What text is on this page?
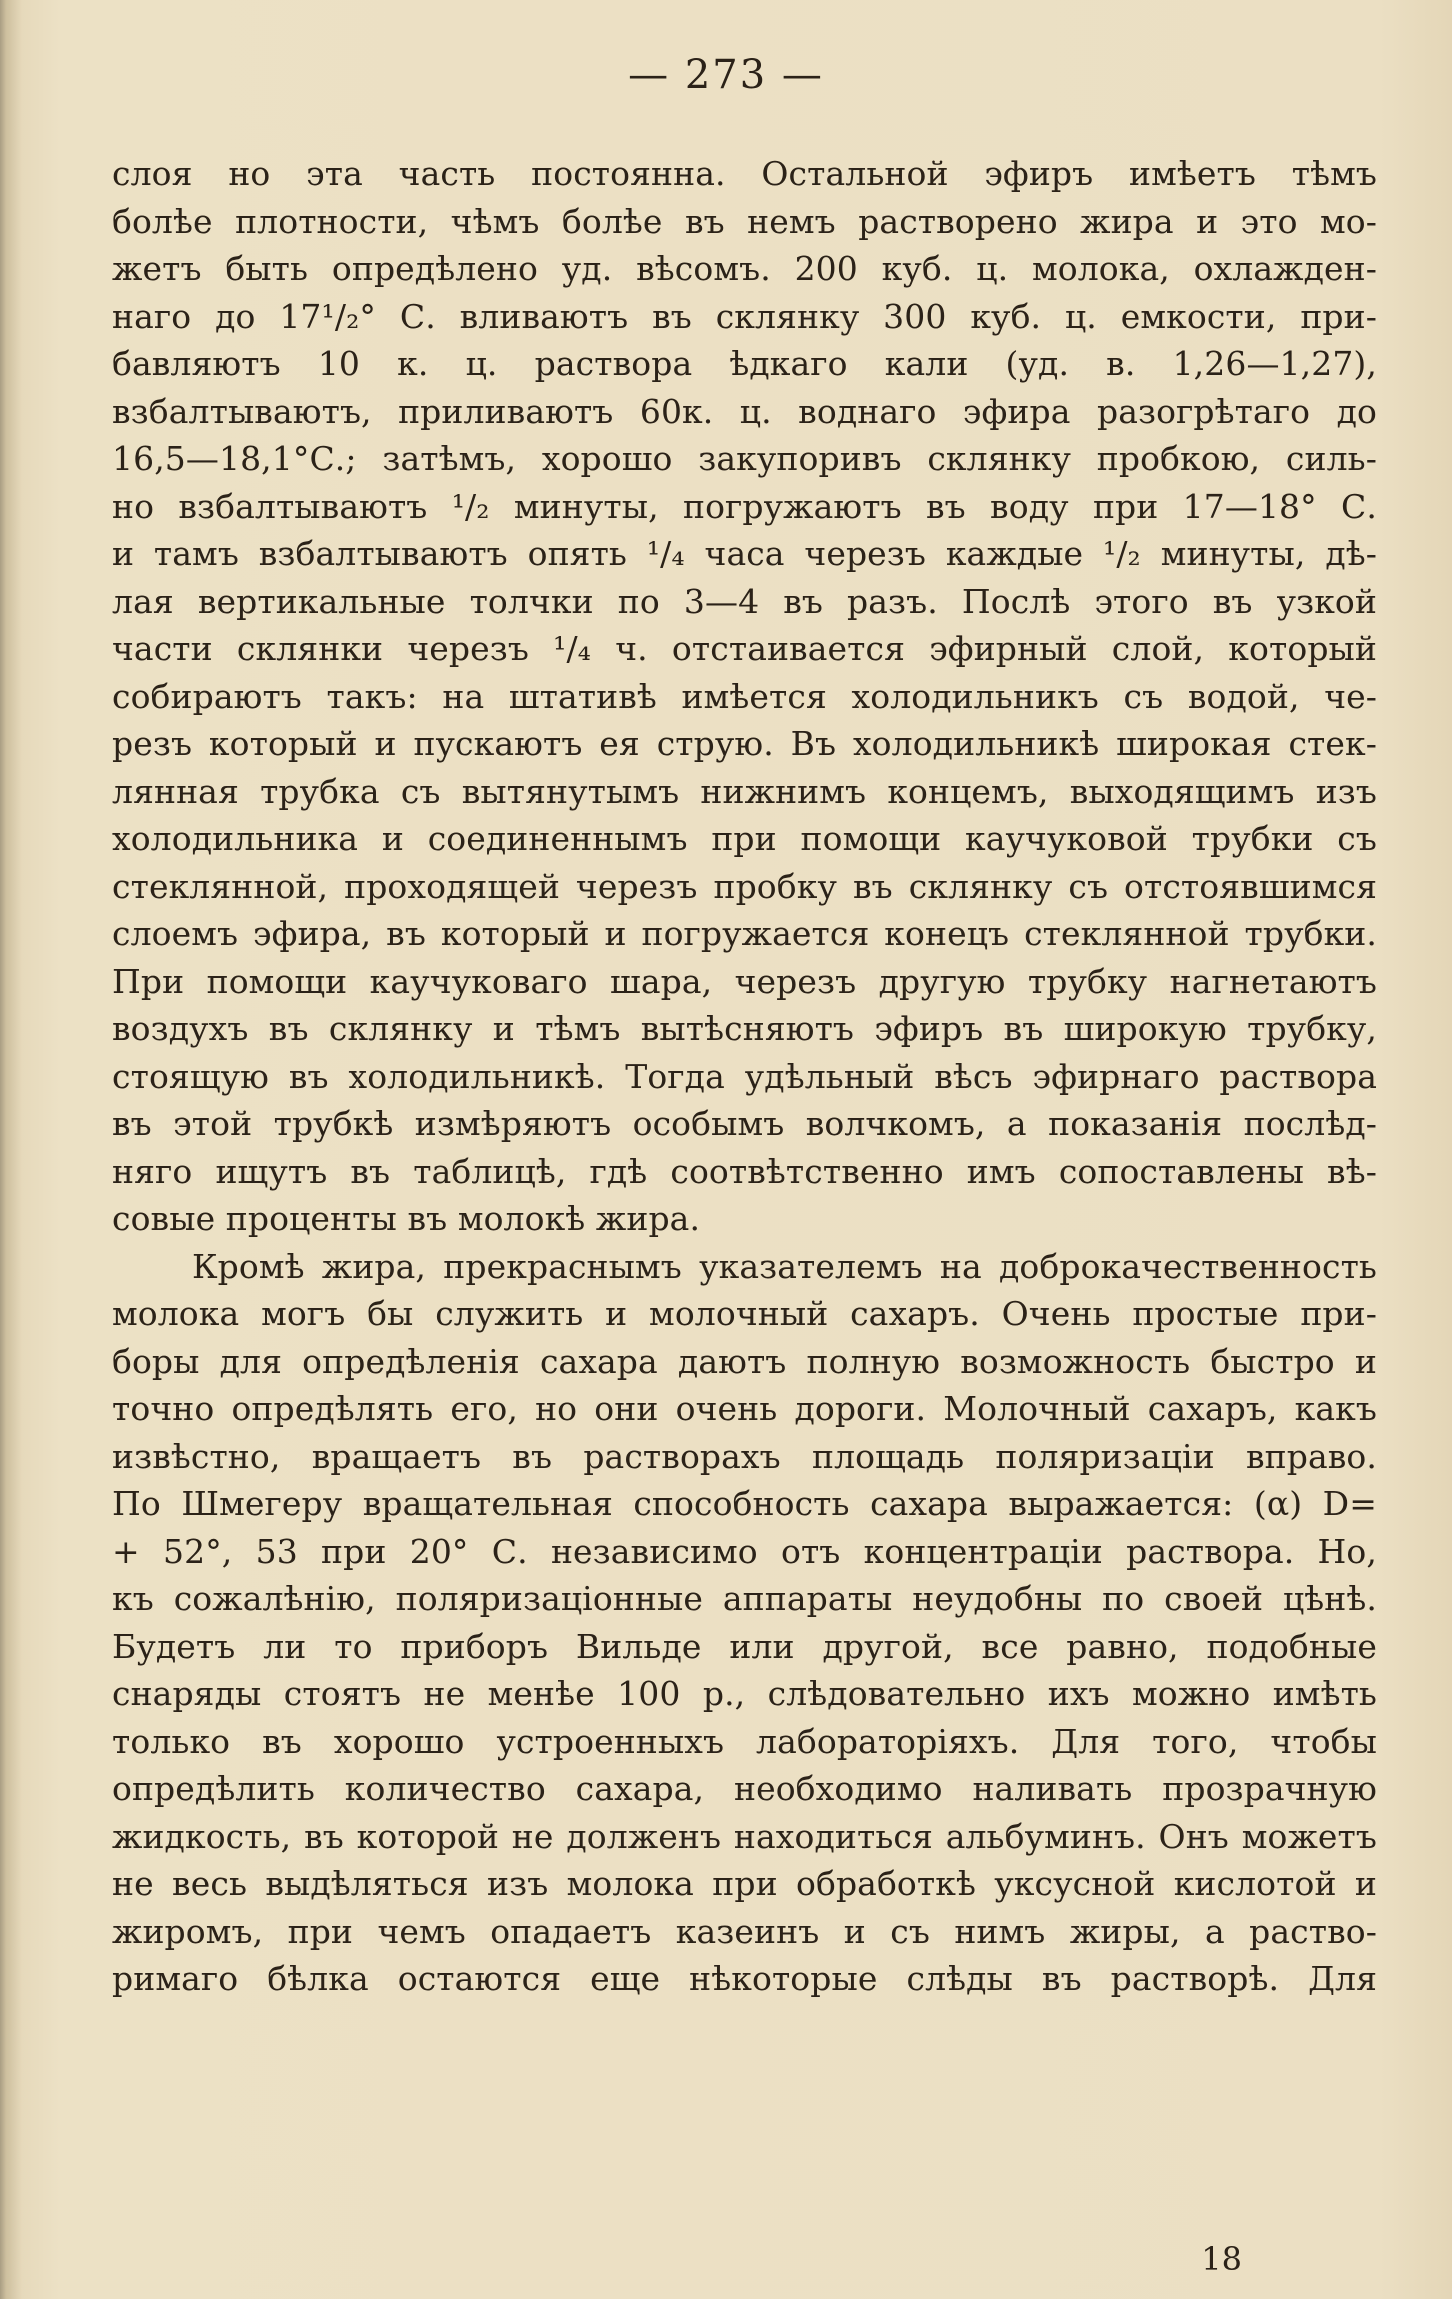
— 273 —
слоя но эта часть постоянна. Остальной эфиръ имѣетъ тѣмъ
болѣе плотности, чѣмъ болѣе въ немъ растворено жира и это мо-
жетъ быть опредѣлено уд. вѣсомъ. 200 куб. ц. молока, охлажден-
наго до 17¹/₂° С. вливаютъ въ склянку 300 куб. ц. емкости, при-
бавляютъ 10 к. ц. раствора ѣдкаго кали (уд. в. 1,26—1,27),
взбалтываютъ, приливаютъ 60к. ц. воднаго эфира разогрѣтаго до
16,5—18,1°С.; затѣмъ, хорошо закупоривъ склянку пробкою, силь-
но взбалтываютъ ¹/₂ минуты, погружаютъ въ воду при 17—18° С.
и тамъ взбалтываютъ опять ¹/₄ часа черезъ каждые ¹/₂ минуты, дѣ-
лая вертикальные толчки по 3—4 въ разъ. Послѣ этого въ узкой
части склянки черезъ ¹/₄ ч. отстаивается эфирный слой, который
собираютъ такъ: на штативѣ имѣется холодильникъ съ водой, че-
резъ который и пускаютъ ея струю. Въ холодильникѣ широкая стек-
лянная трубка съ вытянутымъ нижнимъ концемъ, выходящимъ изъ
холодильника и соединеннымъ при помощи каучуковой трубки съ
стеклянной, проходящей черезъ пробку въ склянку съ отстоявшимся
слоемъ эфира, въ который и погружается конецъ стеклянной трубки.
При помощи каучуковаго шара, черезъ другую трубку нагнетаютъ
воздухъ въ склянку и тѣмъ вытѣсняютъ эфиръ въ широкую трубку,
стоящую въ холодильникѣ. Тогда удѣльный вѣсъ эфирнаго раствора
въ этой трубкѣ измѣряютъ особымъ волчкомъ, а показанія послѣд-
няго ищутъ въ таблицѣ, гдѣ соотвѣтственно имъ сопоставлены вѣ-
совые проценты въ молокѣ жира.
Кромѣ жира, прекраснымъ указателемъ на доброкачественность
молока могъ бы служить и молочный сахаръ. Очень простые при-
боры для опредѣленія сахара даютъ полную возможность быстро и
точно опредѣлять его, но они очень дороги. Молочный сахаръ, какъ
извѣстно, вращаетъ въ растворахъ площадь поляризаціи вправо.
По Шмегеру вращательная способность сахара выражается: (α) D=
+ 52°, 53 при 20° С. независимо отъ концентраціи раствора. Но,
къ сожалѣнію, поляризаціонные аппараты неудобны по своей цѣнѣ.
Будетъ ли то приборъ Вильде или другой, все равно, подобные
снаряды стоятъ не менѣе 100 р., слѣдовательно ихъ можно имѣть
только въ хорошо устроенныхъ лабораторіяхъ. Для того, чтобы
опредѣлить количество сахара, необходимо наливать прозрачную
жидкость, въ которой не долженъ находиться альбуминъ. Онъ можетъ
не весь выдѣляться изъ молока при обработкѣ уксусной кислотой и
жиромъ, при чемъ опадаетъ казеинъ и съ нимъ жиры, а раство-
римаго бѣлка остаются еще нѣкоторые слѣды въ растворѣ. Для
18
